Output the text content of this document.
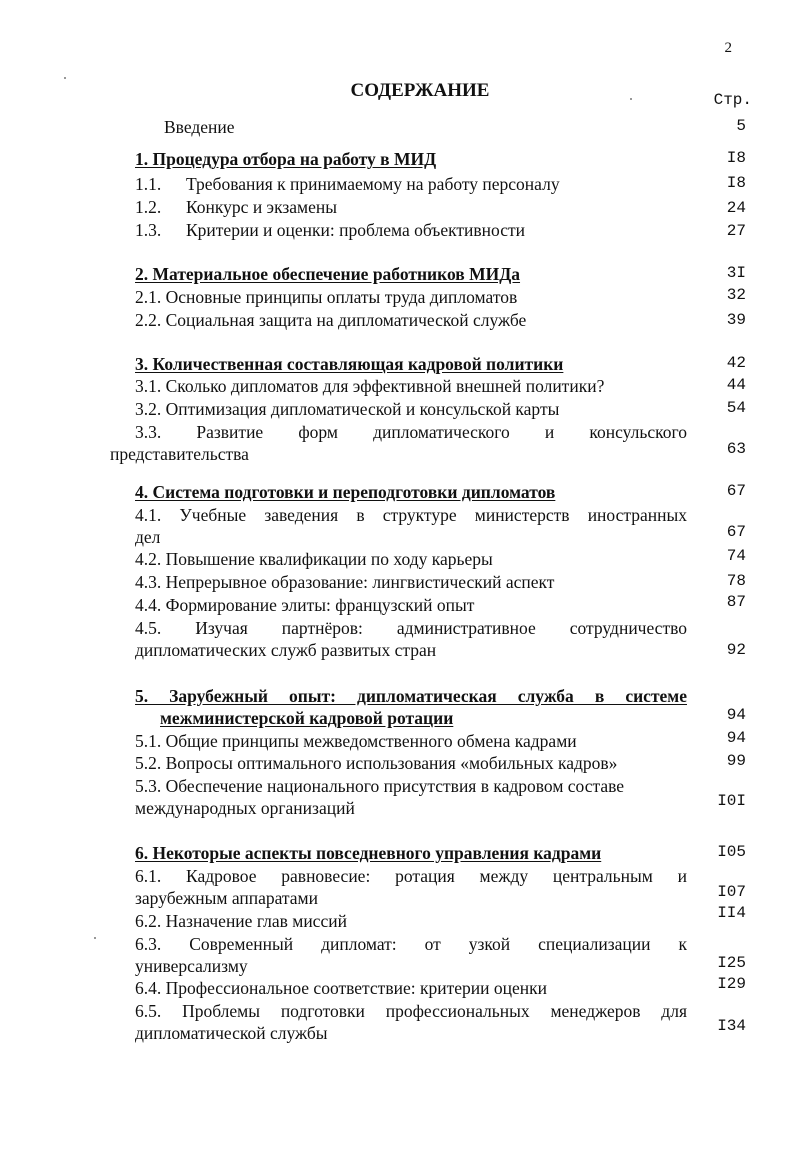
2
СОДЕРЖАНИЕ	Стр.
Введение	5
1. Процедура отбора на работу в МИД	I8
1.1. Требования к принимаемому на работу персоналу	I8
1.2. Конкурс и экзамены	24
1.3. Критерии и оценки: проблема объективности	27
2. Материальное обеспечение работников МИДа	3I
2.1. Основные принципы оплаты труда дипломатов	32
2.2. Социальная защита на дипломатической службе	39
3. Количественная составляющая кадровой политики	42
3.1. Сколько дипломатов для эффективной внешней политики?	44
3.2. Оптимизация дипломатической и консульской карты	54
3.3. Развитие форм дипломатического и консульского
представительства	63
4. Система подготовки и переподготовки дипломатов	67
4.1. Учебные заведения в структуре министерств иностранных
дел	67
4.2. Повышение квалификации по ходу карьеры	74
4.3. Непрерывное образование: лингвистический аспект	78
4.4. Формирование элиты: французский опыт	87
4.5. Изучая партнёров: административное сотрудничество
дипломатических служб развитых стран	92
5. Зарубежный опыт: дипломатическая служба в системе
межминистерской кадровой ротации	94
5.1. Общие принципы межведомственного обмена кадрами	94
5.2. Вопросы оптимального использования «мобильных кадров»	99
5.3. Обеспечение национального присутствия в кадровом составе
международных организаций	I0I
6. Некоторые аспекты повседневного управления кадрами	I05
6.1. Кадровое равновесие: ротация между центральным и
зарубежным аппаратами	I07
6.2. Назначение глав миссий	II4
6.3. Современный дипломат: от узкой специализации к
универсализму	I25
6.4. Профессиональное соответствие: критерии оценки	I29
6.5. Проблемы подготовки профессиональных менеджеров для
дипломатической службы	I34
